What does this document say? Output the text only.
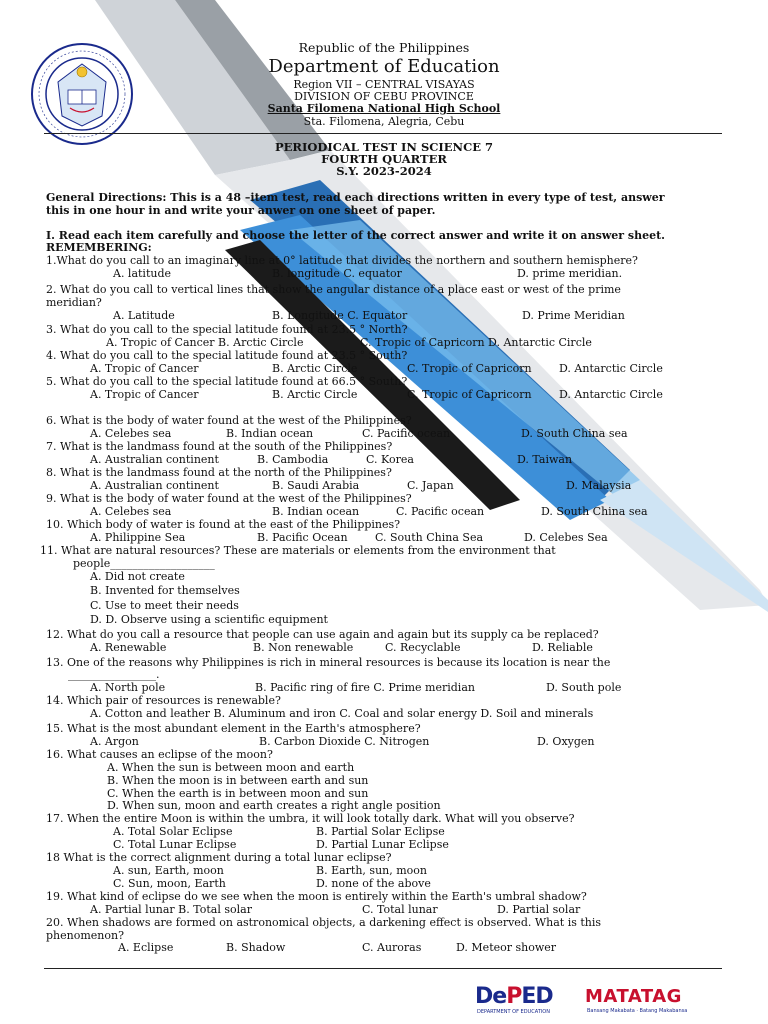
Republic of the Philippines
Department of Education
Region VII – CENTRAL VISAYAS
DIVISION OF CEBU PROVINCE
Santa Filomena National High School
Sta. Filomena, Alegria, Cebu
PERIODICAL TEST IN SCIENCE 7
FOURTH QUARTER
S.Y. 2023-2024
General Directions: This is a 48 –item test, read each directions written in every type of test, answer
this in one hour in and write your anwer on one sheet of paper.
I. Read each item carefully and choose the letter of the correct answer and write it on answer sheet.
REMEMBERING:
1.What do you call to an imaginary line at 0° latitude that divides the northern and southern hemisphere?
A. latitude	B. longitude C. equator	D. prime meridian.
2. What do you call to vertical lines that show the angular distance of a place east or west of the prime
meridian?
A. Latitude	B. Longitude C. Equator	D. Prime Meridian
3. What do you call to the special latitude found at 23.5 ° North?
A. Tropic of Cancer B. Arctic Circle	C. Tropic of Capricorn D. Antarctic Circle
4. What do you call to the special latitude found at 23.5 ° South?
A. Tropic of Cancer	B. Arctic Circle	C. Tropic of Capricorn D. Antarctic Circle
5. What do you call to the special latitude found at 66.5 ° South?
A. Tropic of Cancer	B. Arctic Circle	C. Tropic of Capricorn D. Antarctic Circle
6. What is the body of water found at the west of the Philippines?
A. Celebes sea	B. Indian ocean	C. Pacific ocean	D. South China sea
7. What is the landmass found at the south of the Philippines?
A. Australian continent	B. Cambodia	C. Korea	D. Taiwan
8. What is the landmass found at the north of the Philippines?
A. Australian continent	B. Saudi Arabia	C. Japan	D. Malaysia
9. What is the body of water found at the west of the Philippines?
A. Celebes sea	B. Indian ocean	C. Pacific ocean	D. South China sea
10. Which body of water is found at the east of the Philippines?
A. Philippine Sea	B. Pacific Ocean C. South China Sea	D. Celebes Sea
11. What are natural resources? These are materials or elements from the environment that
people___________________
A. Did not create
B. Invented for themselves
C. Use to meet their needs
D. D. Observe using a scientific equipment
12. What do you call a resource that people can use again and again but its supply ca be replaced?
A. Renewable	B. Non renewable	C. Recyclable	D. Reliable
13. One of the reasons why Philippines is rich in mineral resources is because its location is near the
________________.
A. North pole	B. Pacific ring of fire C. Prime meridian	D. South pole
14. Which pair of resources is renewable?
A. Cotton and leather B. Aluminum and iron C. Coal and solar energy D. Soil and minerals
15. What is the most abundant element in the Earth's atmosphere?
A. Argon	B. Carbon Dioxide C. Nitrogen	D. Oxygen
16. What causes an eclipse of the moon?
A. When the sun is between moon and earth
B. When the moon is in between earth and sun
C. When the earth is in between moon and sun
D. When sun, moon and earth creates a right angle position
17. When the entire Moon is within the umbra, it will look totally dark. What will you observe?
A. Total Solar Eclipse	B. Partial Solar Eclipse
C. Total Lunar Eclipse	D. Partial Lunar Eclipse
18 What is the correct alignment during a total lunar eclipse?
A. sun, Earth, moon	B. Earth, sun, moon
C. Sun, moon, Earth	D. none of the above
19. What kind of eclipse do we see when the moon is entirely within the Earth's umbral shadow?
A. Partial lunar B. Total solar	C. Total lunar	D. Partial solar
20. When shadows are formed on astronomical objects, a darkening effect is observed. What is this
phenomenon?
A. Eclipse	B. Shadow	C. Auroras	D. Meteor shower
DePED
DEPARTMENT OF EDUCATION
MATATAG
Bansang Makabata · Batang Makabansa
